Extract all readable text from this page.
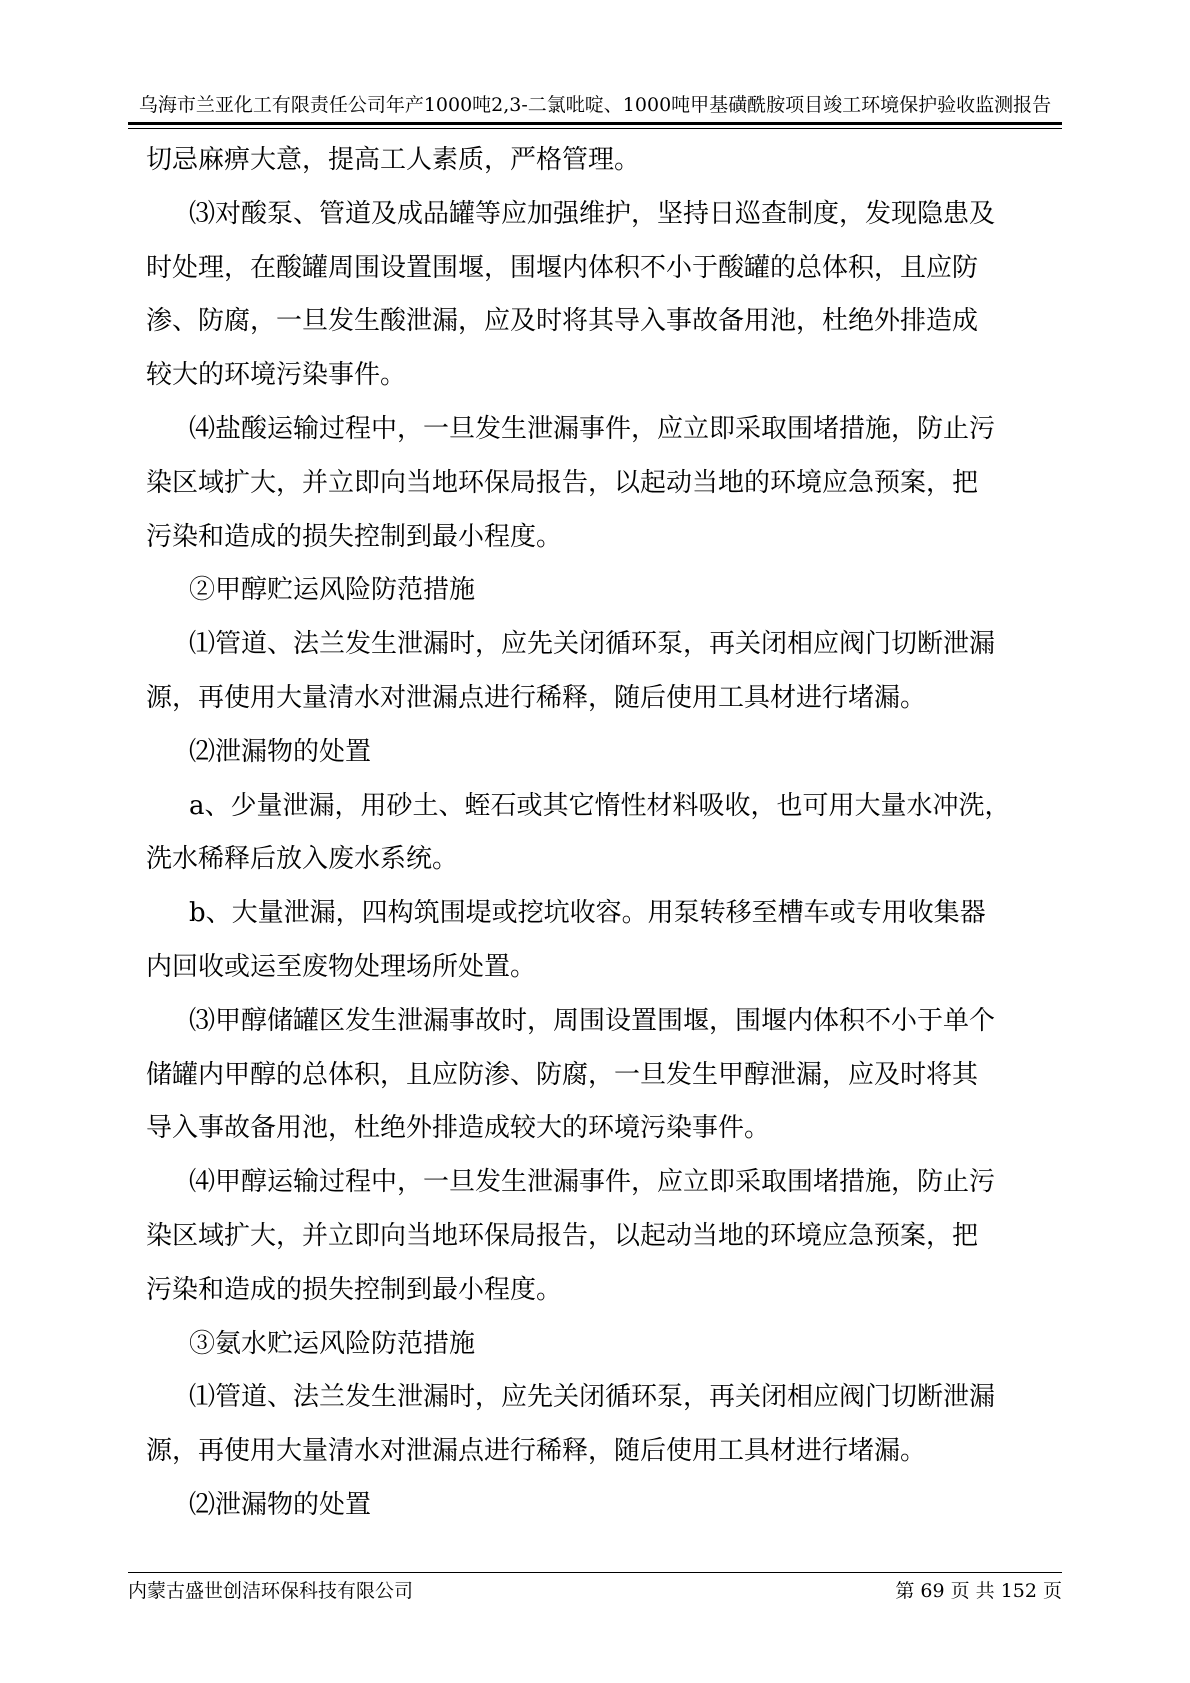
乌海市兰亚化工有限责任公司年产1000吨2,3-二氯吡啶、1000吨甲基磺酰胺项目竣工环境保护验收监测报告
切忌麻痹大意，提高工人素质，严格管理。
⑶对酸泵、管道及成品罐等应加强维护，坚持日巡查制度，发现隐患及
时处理，在酸罐周围设置围堰，围堰内体积不小于酸罐的总体积，且应防
渗、防腐，一旦发生酸泄漏，应及时将其导入事故备用池，杜绝外排造成
较大的环境污染事件。
⑷盐酸运输过程中，一旦发生泄漏事件，应立即采取围堵措施，防止污
染区域扩大，并立即向当地环保局报告，以起动当地的环境应急预案，把
污染和造成的损失控制到最小程度。
②甲醇贮运风险防范措施
⑴管道、法兰发生泄漏时，应先关闭循环泵，再关闭相应阀门切断泄漏
源，再使用大量清水对泄漏点进行稀释，随后使用工具材进行堵漏。
⑵泄漏物的处置
a、少量泄漏，用砂土、蛭石或其它惰性材料吸收，也可用大量水冲洗，
洗水稀释后放入废水系统。
b、大量泄漏，四构筑围堤或挖坑收容。用泵转移至槽车或专用收集器
内回收或运至废物处理场所处置。
⑶甲醇储罐区发生泄漏事故时，周围设置围堰，围堰内体积不小于单个
储罐内甲醇的总体积，且应防渗、防腐，一旦发生甲醇泄漏，应及时将其
导入事故备用池，杜绝外排造成较大的环境污染事件。
⑷甲醇运输过程中，一旦发生泄漏事件，应立即采取围堵措施，防止污
染区域扩大，并立即向当地环保局报告，以起动当地的环境应急预案，把
污染和造成的损失控制到最小程度。
③氨水贮运风险防范措施
⑴管道、法兰发生泄漏时，应先关闭循环泵，再关闭相应阀门切断泄漏
源，再使用大量清水对泄漏点进行稀释，随后使用工具材进行堵漏。
⑵泄漏物的处置
内蒙古盛世创洁环保科技有限公司	第 69 页 共 152 页
